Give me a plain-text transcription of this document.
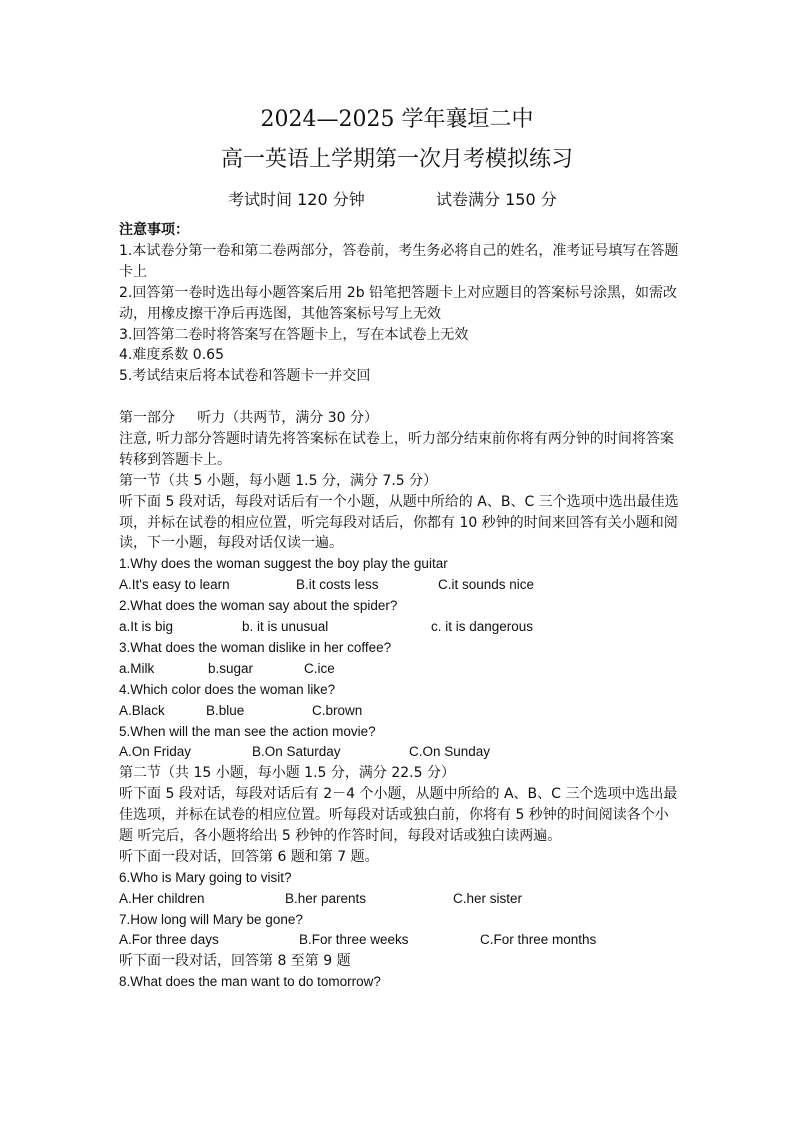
2024—2025 学年襄垣二中
高一英语上学期第一次月考模拟练习
考试时间 120 分钟	试卷满分 150 分
注意事项：
1.本试卷分第一卷和第二卷两部分，答卷前，考生务必将自己的姓名，准考证号填写在答题卡上
2.回答第一卷时选出每小题答案后用 2b 铅笔把答题卡上对应题目的答案标号涂黑，如需改动，用橡皮擦干净后再选图，其他答案标号写上无效
3.回答第二卷时将答案写在答题卡上，写在本试卷上无效
4.难度系数 0.65
5.考试结束后将本试卷和答题卡一并交回
第一部分     听力（共两节，满分 30 分）
注意, 听力部分答题时请先将答案标在试卷上，听力部分结束前你将有两分钟的时间将答案转移到答题卡上。
第一节（共 5 小题，每小题 1.5 分，满分 7.5 分）
听下面 5 段对话，每段对话后有一个小题，从题中所给的 A、B、C 三个选项中选出最佳选项，并标在试卷的相应位置，听完每段对话后，你都有 10 秒钟的时间来回答有关小题和阅读，下一小题，每段对话仅读一遍。
1.Why does the woman suggest the boy play the guitar
A.It's easy to learn	B.it costs less	C.it sounds nice
2.What does the woman say about the spider?
a.It is big	b. it is unusual	c. it is dangerous
3.What does the woman dislike in her coffee?
a.Milk	b.sugar	C.ice
4.Which color does the woman like?
A.Black	B.blue	C.brown
5.When will the man see the action movie?
A.On Friday	B.On Saturday	C.On Sunday
第二节（共 15 小题，每小题 1.5 分，满分 22.5 分）
听下面 5 段对话，每段对话后有 2－4 个小题，从题中所给的 A、B、C 三个选项中选出最佳选项，并标在试卷的相应位置。听每段对话或独白前，你将有 5 秒钟的时间阅读各个小题 听完后，各小题将给出 5 秒钟的作答时间，每段对话或独白读两遍。
听下面一段对话，回答第 6 题和第 7 题。
6.Who is Mary going to visit?
A.Her children	B.her parents	C.her sister
7.How long will Mary be gone?
A.For three days	B.For three weeks	C.For three months
听下面一段对话，回答第 8 至第 9 题
8.What does the man want to do tomorrow?
